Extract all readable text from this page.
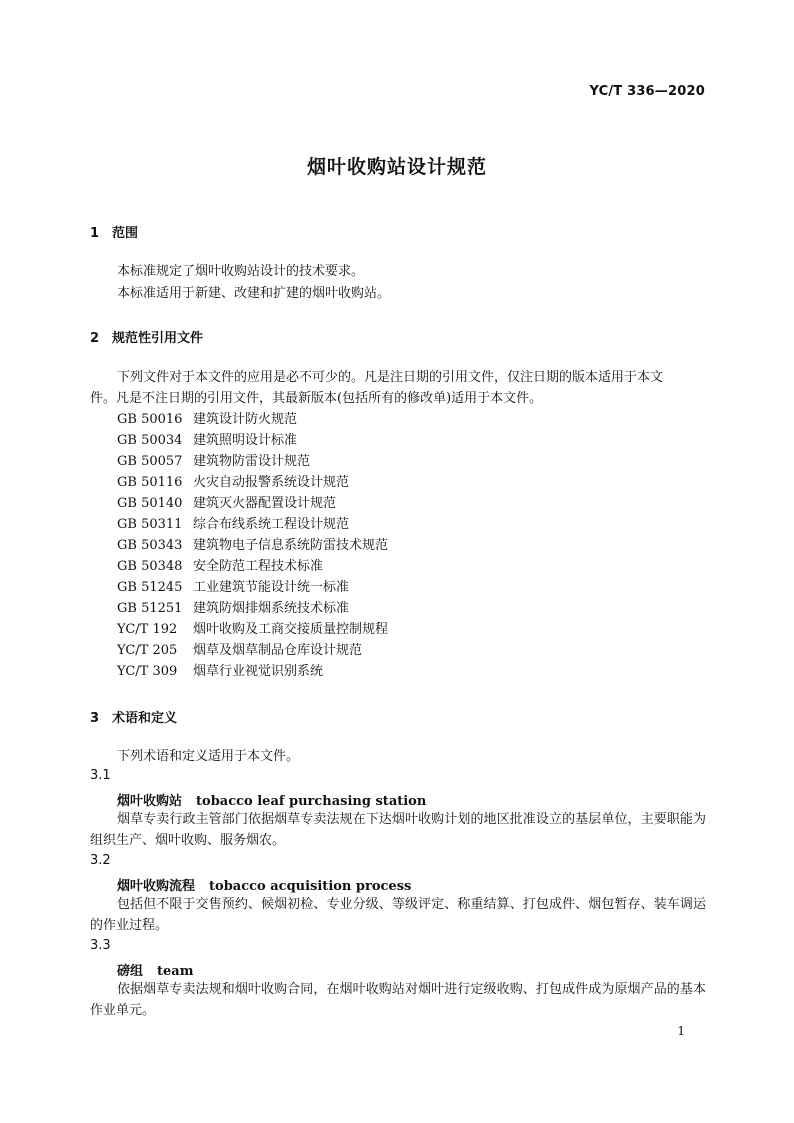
YC/T 336—2020
烟叶收购站设计规范
1 范围
本标准规定了烟叶收购站设计的技术要求。
本标准适用于新建、改建和扩建的烟叶收购站。
2 规范性引用文件
下列文件对于本文件的应用是必不可少的。凡是注日期的引用文件，仅注日期的版本适用于本文
件。凡是不注日期的引用文件，其最新版本(包括所有的修改单)适用于本文件。
GB 50016 建筑设计防火规范
GB 50034 建筑照明设计标准
GB 50057 建筑物防雷设计规范
GB 50116 火灾自动报警系统设计规范
GB 50140 建筑灭火器配置设计规范
GB 50311 综合布线系统工程设计规范
GB 50343 建筑物电子信息系统防雷技术规范
GB 50348 安全防范工程技术标准
GB 51245 工业建筑节能设计统一标准
GB 51251 建筑防烟排烟系统技术标准
YC/T 192 烟叶收购及工商交接质量控制规程
YC/T 205 烟草及烟草制品仓库设计规范
YC/T 309 烟草行业视觉识别系统
3 术语和定义
下列术语和定义适用于本文件。
3.1
烟叶收购站 tobacco leaf purchasing station
烟草专卖行政主管部门依据烟草专卖法规在下达烟叶收购计划的地区批准设立的基层单位，主要职能为组织生产、烟叶收购、服务烟农。
3.2
烟叶收购流程 tobacco acquisition process
包括但不限于交售预约、候烟初检、专业分级、等级评定、称重结算、打包成件、烟包暂存、装车调运的作业过程。
3.3
磅组 team
依据烟草专卖法规和烟叶收购合同，在烟叶收购站对烟叶进行定级收购、打包成件成为原烟产品的基本作业单元。
1
